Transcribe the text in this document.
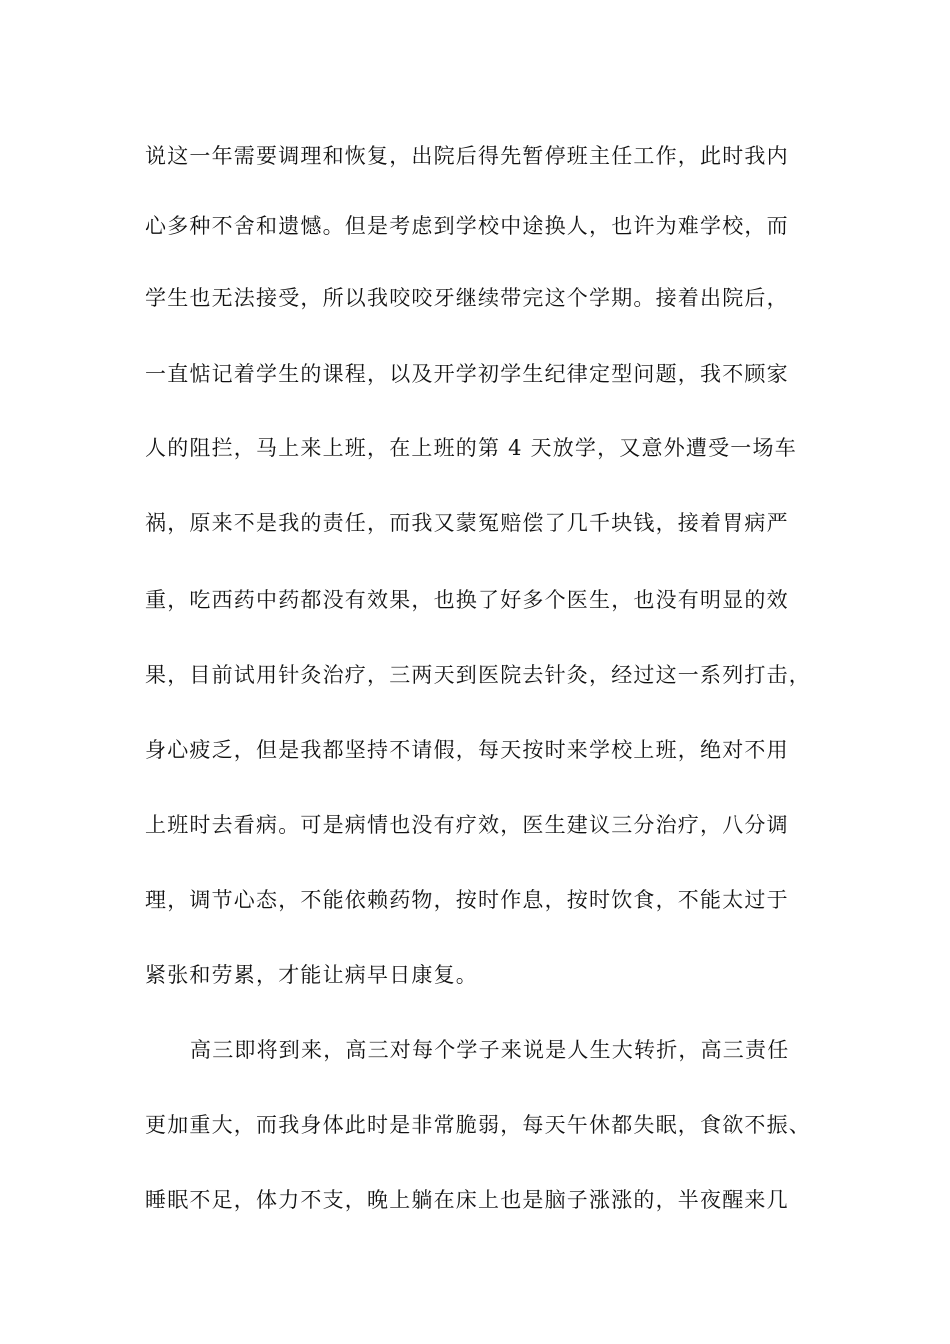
说这一年需要调理和恢复，出院后得先暂停班主任工作，此时我内
心多种不舍和遗憾。但是考虑到学校中途换人，也许为难学校，而
学生也无法接受，所以我咬咬牙继续带完这个学期。接着出院后，
一直惦记着学生的课程，以及开学初学生纪律定型问题，我不顾家
人的阻拦，马上来上班，在上班的第 4 天放学，又意外遭受一场车
祸，原来不是我的责任，而我又蒙冤赔偿了几千块钱，接着胃病严
重，吃西药中药都没有效果，也换了好多个医生，也没有明显的效
果，目前试用针灸治疗，三两天到医院去针灸，经过这一系列打击，
身心疲乏，但是我都坚持不请假，每天按时来学校上班，绝对不用
上班时去看病。可是病情也没有疗效，医生建议三分治疗，八分调
理，调节心态，不能依赖药物，按时作息，按时饮食，不能太过于
紧张和劳累，才能让病早日康复。
高三即将到来，高三对每个学子来说是人生大转折，高三责任
更加重大，而我身体此时是非常脆弱，每天午休都失眠，食欲不振、
睡眠不足，体力不支，晚上躺在床上也是脑子涨涨的，半夜醒来几
